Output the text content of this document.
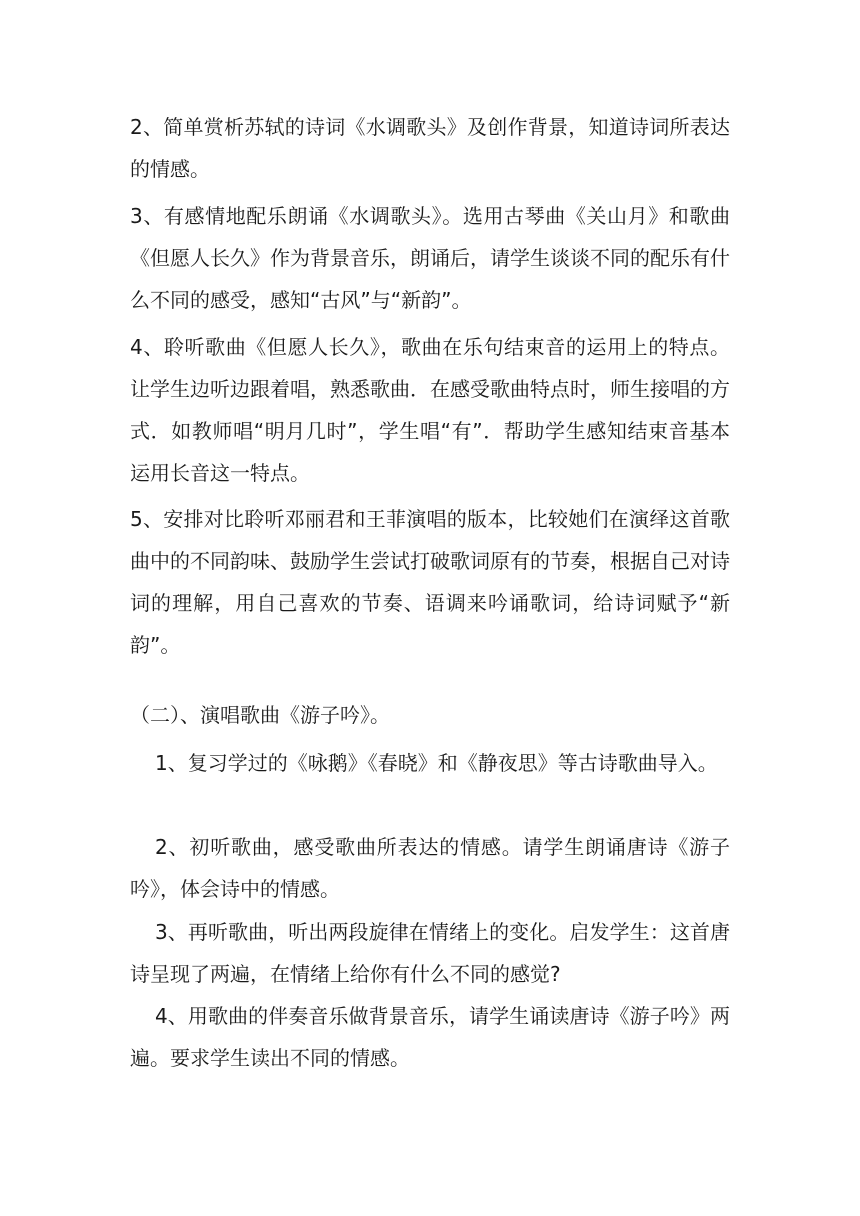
2、简单赏析苏轼的诗词《水调歌头》及创作背景，知道诗词所表达的情感。

3、有感情地配乐朗诵《水调歌头》。选用古琴曲《关山月》和歌曲《但愿人长久》作为背景音乐，朗诵后，请学生谈谈不同的配乐有什么不同的感受，感知“古风”与“新韵”。

4、聆听歌曲《但愿人长久》，歌曲在乐句结束音的运用上的特点。让学生边听边跟着唱，熟悉歌曲．在感受歌曲特点时，师生接唱的方式．如教师唱“明月几时”，学生唱“有”．帮助学生感知结束音基本运用长音这一特点。

5、安排对比聆听邓丽君和王菲演唱的版本，比较她们在演绎这首歌曲中的不同韵味、鼓励学生尝试打破歌词原有的节奏，根据自己对诗词的理解，用自己喜欢的节奏、语调来吟诵歌词，给诗词赋予“新韵”。

（二）、演唱歌曲《游子吟》。

1、复习学过的《咏鹅》《春晓》和《静夜思》等古诗歌曲导入。

2、初听歌曲，感受歌曲所表达的情感。请学生朗诵唐诗《游子吟》，体会诗中的情感。

3、再听歌曲，听出两段旋律在情绪上的变化。启发学生：这首唐诗呈现了两遍，在情绪上给你有什么不同的感觉?

4、用歌曲的伴奏音乐做背景音乐，请学生诵读唐诗《游子吟》两遍。要求学生读出不同的情感。
